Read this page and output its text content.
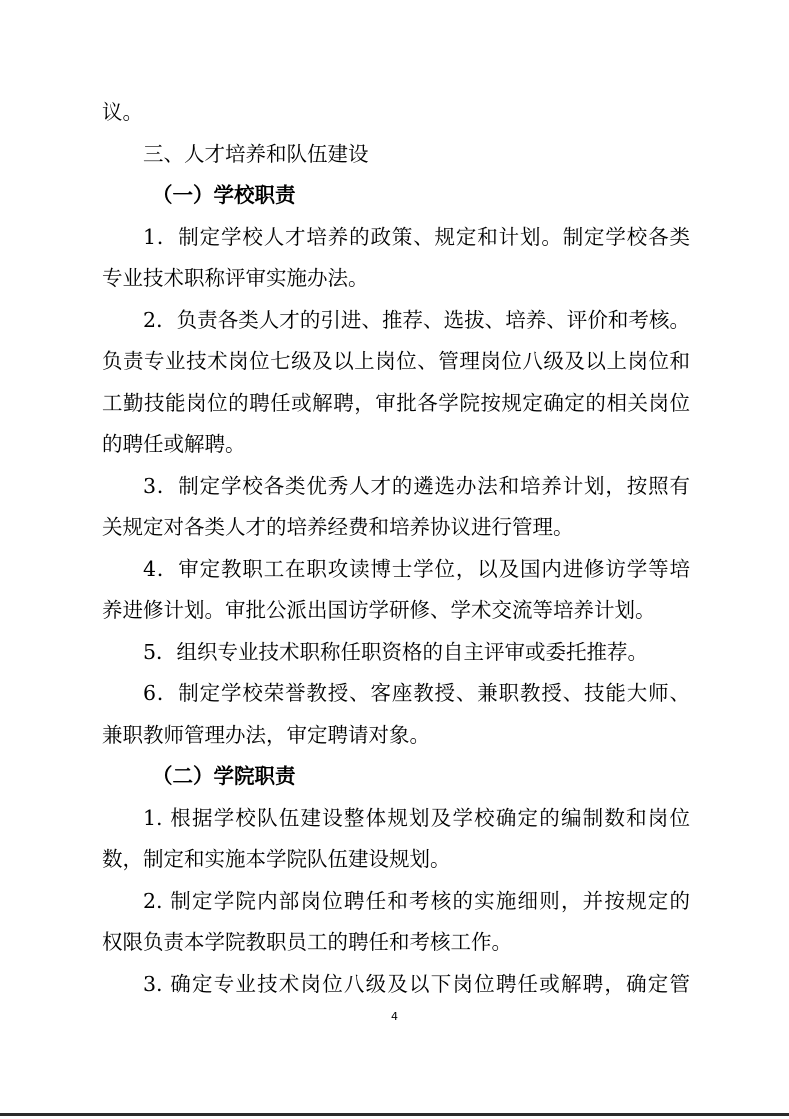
议。
三、人才培养和队伍建设
（一）学校职责
1．制定学校人才培养的政策、规定和计划。制定学校各类
专业技术职称评审实施办法。
2．负责各类人才的引进、推荐、选拔、培养、评价和考核。
负责专业技术岗位七级及以上岗位、管理岗位八级及以上岗位和
工勤技能岗位的聘任或解聘，审批各学院按规定确定的相关岗位
的聘任或解聘。
3．制定学校各类优秀人才的遴选办法和培养计划，按照有
关规定对各类人才的培养经费和培养协议进行管理。
4．审定教职工在职攻读博士学位，以及国内进修访学等培
养进修计划。审批公派出国访学研修、学术交流等培养计划。
5．组织专业技术职称任职资格的自主评审或委托推荐。
6．制定学校荣誉教授、客座教授、兼职教授、技能大师、
兼职教师管理办法，审定聘请对象。
（二）学院职责
1. 根据学校队伍建设整体规划及学校确定的编制数和岗位
数，制定和实施本学院队伍建设规划。
2. 制定学院内部岗位聘任和考核的实施细则，并按规定的
权限负责本学院教职员工的聘任和考核工作。
3. 确定专业技术岗位八级及以下岗位聘任或解聘，确定管
4
